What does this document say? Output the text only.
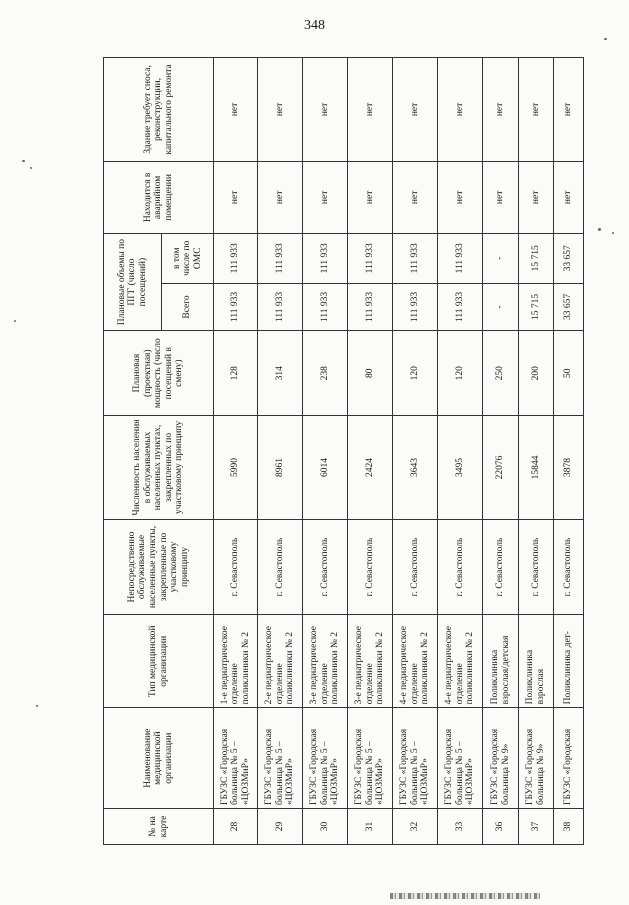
348
№ на карте	Наименование медицинской организации	Тип медицинской организации	Непосредственно обслуживаемые населенные пункты, закрепленные по участковому принципу	Численность населения в обслуживаемых населенных пунктах, закрепленных по участковому принципу	Плановая (проектная) мощность (число посещений в смену)	Плановые объемы по ПГГ (число посещений)		Находится в аварийном помещении	Здание требует сноса, реконструкции, капитального ремонта
						Всего	в том числе по ОМС		
28	ГБУЗС «Городская больница № 5 – «ЦОЗМиР»	1-е педиатрическое отделение поликлиники № 2	г. Севастополь	5990	128	111 933	111 933	нет	нет
29	ГБУЗС «Городская больница № 5 – «ЦОЗМиР»	2-е педиатрическое отделение поликлиники № 2	г. Севастополь	8961	314	111 933	111 933	нет	нет
30	ГБУЗС «Городская больница № 5 – «ЦОЗМиР»	3-е педиатрическое отделение поликлиники № 2	г. Севастополь	6014	238	111 933	111 933	нет	нет
31	ГБУЗС «Городская больница № 5 – «ЦОЗМиР»	3-е педиатрическое отделение поликлиники № 2	г. Севастополь	2424	80	111 933	111 933	нет	нет
32	ГБУЗС «Городская больница № 5 – «ЦОЗМиР»	4-е педиатрическое отделение поликлиники № 2	г. Севастополь	3643	120	111 933	111 933	нет	нет
33	ГБУЗС «Городская больница № 5 – «ЦОЗМиР»	4-е педиатрическое отделение поликлиники № 2	г. Севастополь	3495	120	111 933	111 933	нет	нет
36	ГБУЗС «Городская больница № 9»	Поликлиника взрослая/детская	г. Севастополь	22076	250	-	-	нет	нет
37	ГБУЗС «Городская больница № 9»	Поликлиника взрослая	г. Севастополь	15844	200	15 715	15 715	нет	нет
38	ГБУЗС «Городская	Поликлиника дет-	г. Севастополь	3878	50	33 657	33 657	нет	нет
